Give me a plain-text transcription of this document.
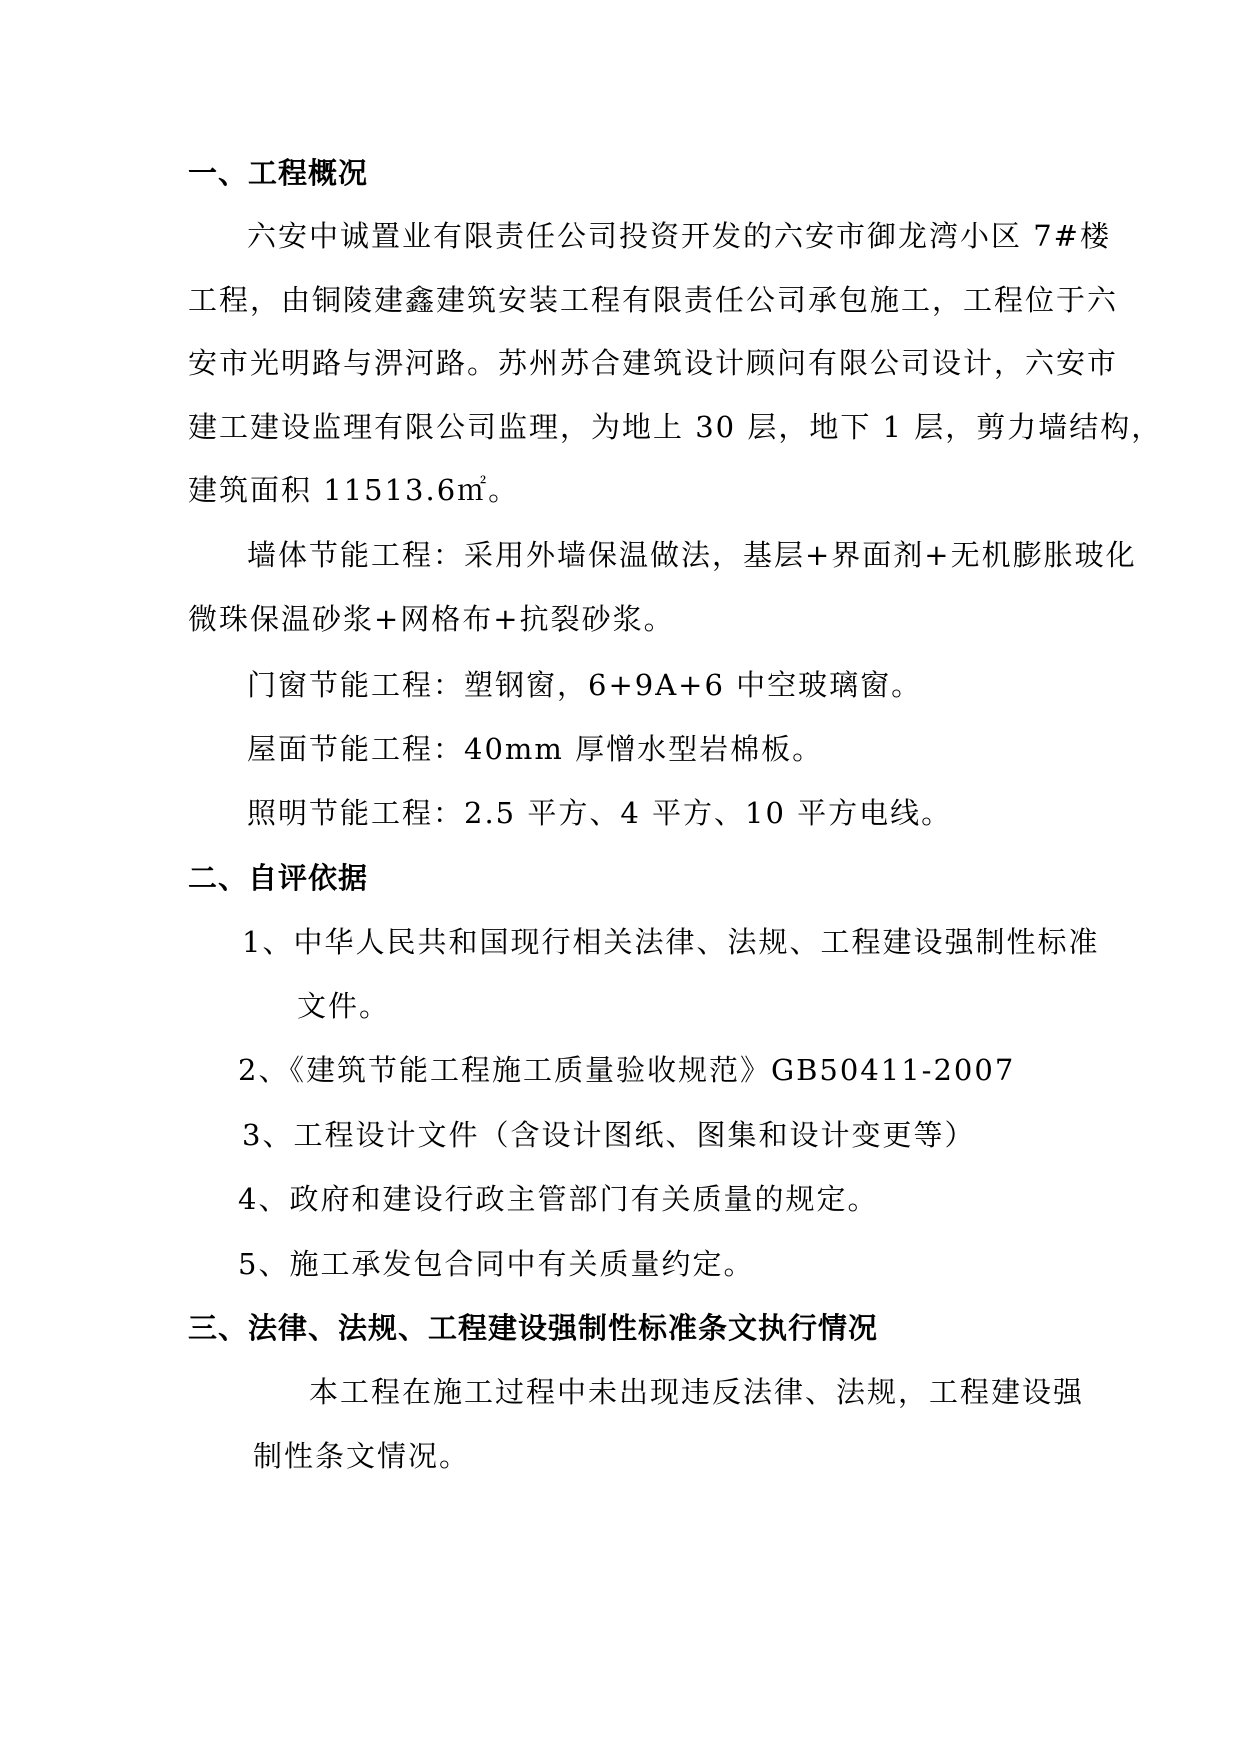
一、工程概况
六安中诚置业有限责任公司投资开发的六安市御龙湾小区 7#楼
工程，由铜陵建鑫建筑安装工程有限责任公司承包施工，工程位于六
安市光明路与淠河路。苏州苏合建筑设计顾问有限公司设计，六安市
建工建设监理有限公司监理，为地上 30 层，地下 1 层，剪力墙结构，
建筑面积 11513.6㎡。
墙体节能工程：采用外墙保温做法，基层+界面剂+无机膨胀玻化
微珠保温砂浆+网格布+抗裂砂浆。
门窗节能工程：塑钢窗，6+9A+6 中空玻璃窗。
屋面节能工程：40mm 厚憎水型岩棉板。
照明节能工程：2.5 平方、4 平方、10 平方电线。
二、自评依据
1、中华人民共和国现行相关法律、法规、工程建设强制性标准
文件。
2、《建筑节能工程施工质量验收规范》GB50411-2007
3、工程设计文件（含设计图纸、图集和设计变更等）
4、政府和建设行政主管部门有关质量的规定。
5、施工承发包合同中有关质量约定。
三、法律、法规、工程建设强制性标准条文执行情况
本工程在施工过程中未出现违反法律、法规，工程建设强
制性条文情况。
